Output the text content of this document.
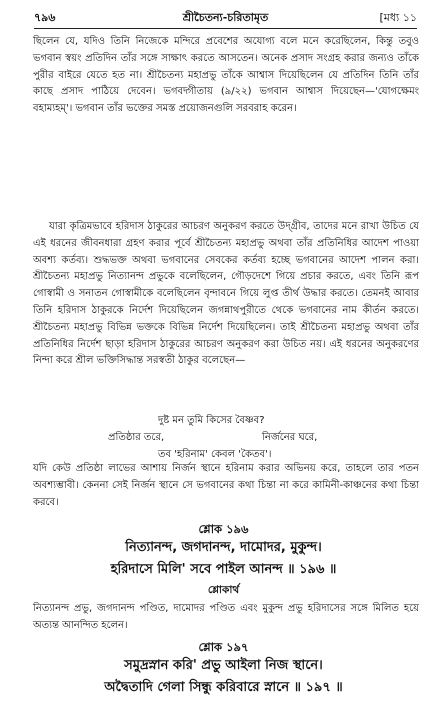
৭৯৬	শ্রীচৈতন্য-চরিতামৃত	[মধ্য ১১

ছিলেন যে, যদিও তিনি নিজেকে মন্দিরে প্রবেশের অযোগ্য বলে মনে করেছিলেন, কিন্তু তবুও ভগবান স্বয়ং প্রতিদিন তাঁর সঙ্গে সাক্ষাৎ করতে আসতেন। অনেক প্রসাদ সংগ্রহ করার জন্যও তাঁকে পুরীর বাইরে যেতে হত না। শ্রীচৈতন্য মহাপ্রভু তাঁকে আশ্বাস দিয়েছিলেন যে প্রতিদিন তিনি তাঁর কাছে প্রসাদ পাঠিয়ে দেবেন। ভগবদ্গীতায় (৯/২২) ভগবান আশ্বাস দিয়েছেন—'যোগক্ষেমং বহাম্যহম্'। ভগবান তাঁর ভক্তের সমস্ত প্রয়োজনগুলি সরবরাহ করেন।

যারা কৃত্রিমভাবে হরিদাস ঠাকুরের আচরণ অনুকরণ করতে উদ্গ্রীব, তাদের মনে রাখা উচিত যে এই ধরনের জীবনধারা গ্রহণ করার পূর্বে শ্রীচৈতন্য মহাপ্রভু অথবা তাঁর প্রতিনিধির আদেশ পাওয়া অবশ্য কর্তব্য। শুদ্ধভক্ত অথবা ভগবানের সেবকের কর্তব্য হচ্ছে ভগবানের আদেশ পালন করা। শ্রীচৈতন্য মহাপ্রভু নিত্যানন্দ প্রভুকে বলেছিলেন, গৌড়দেশে গিয়ে প্রচার করতে, এবং তিনি রূপ গোস্বামী ও সনাতন গোস্বামীকে বলেছিলেন বৃন্দাবনে গিয়ে লুপ্ত তীর্থ উদ্ধার করতে। তেমনই আবার তিনি হরিদাস ঠাকুরকে নির্দেশ দিয়েছিলেন জগন্নাথপুরীতে থেকে ভগবানের নাম কীর্তন করতে। শ্রীচৈতন্য মহাপ্রভু বিভিন্ন ভক্তকে বিভিন্ন নির্দেশ দিয়েছিলেন। তাই শ্রীচৈতন্য মহাপ্রভু অথবা তাঁর প্রতিনিধির নির্দেশ ছাড়া হরিদাস ঠাকুরের আচরণ অনুকরণ করা উচিত নয়। এই ধরনের অনুকরণের নিন্দা করে শ্রীল ভক্তিসিদ্ধান্ত সরস্বতী ঠাকুর বলেছেন—

দুষ্ট মন তুমি কিসের বৈষ্ণব?
প্রতিষ্ঠার তরে,	নির্জনের ঘরে,
তব 'হরিনাম' কেবল 'কৈতব'।

যদি কেউ প্রতিষ্ঠা লাভের আশায় নির্জন স্থানে হরিনাম করার অভিনয় করে, তাহলে তার পতন অবশ্যম্ভাবী। কেননা সেই নির্জন স্থানে সে ভগবানের কথা চিন্তা না করে কামিনী-কাঞ্চনের কথা চিন্তা করবে।

শ্লোক ১৯৬
নিত্যানন্দ, জগদানন্দ, দামোদর, মুকুন্দ।
হরিদাসে মিলি' সবে পাইল আনন্দ ॥ ১৯৬ ॥
শ্লোকার্থ

নিত্যানন্দ প্রভু, জগদানন্দ পণ্ডিত, দামোদর পণ্ডিত এবং মুকুন্দ প্রভু হরিদাসের সঙ্গে মিলিত হয়ে অত্যন্ত আনন্দিত হলেন।

শ্লোক ১৯৭
সমুদ্রস্নান করি' প্রভু আইলা নিজ স্থানে।
অদ্বৈতাদি গেলা সিন্ধু করিবারে স্নানে ॥ ১৯৭ ॥
